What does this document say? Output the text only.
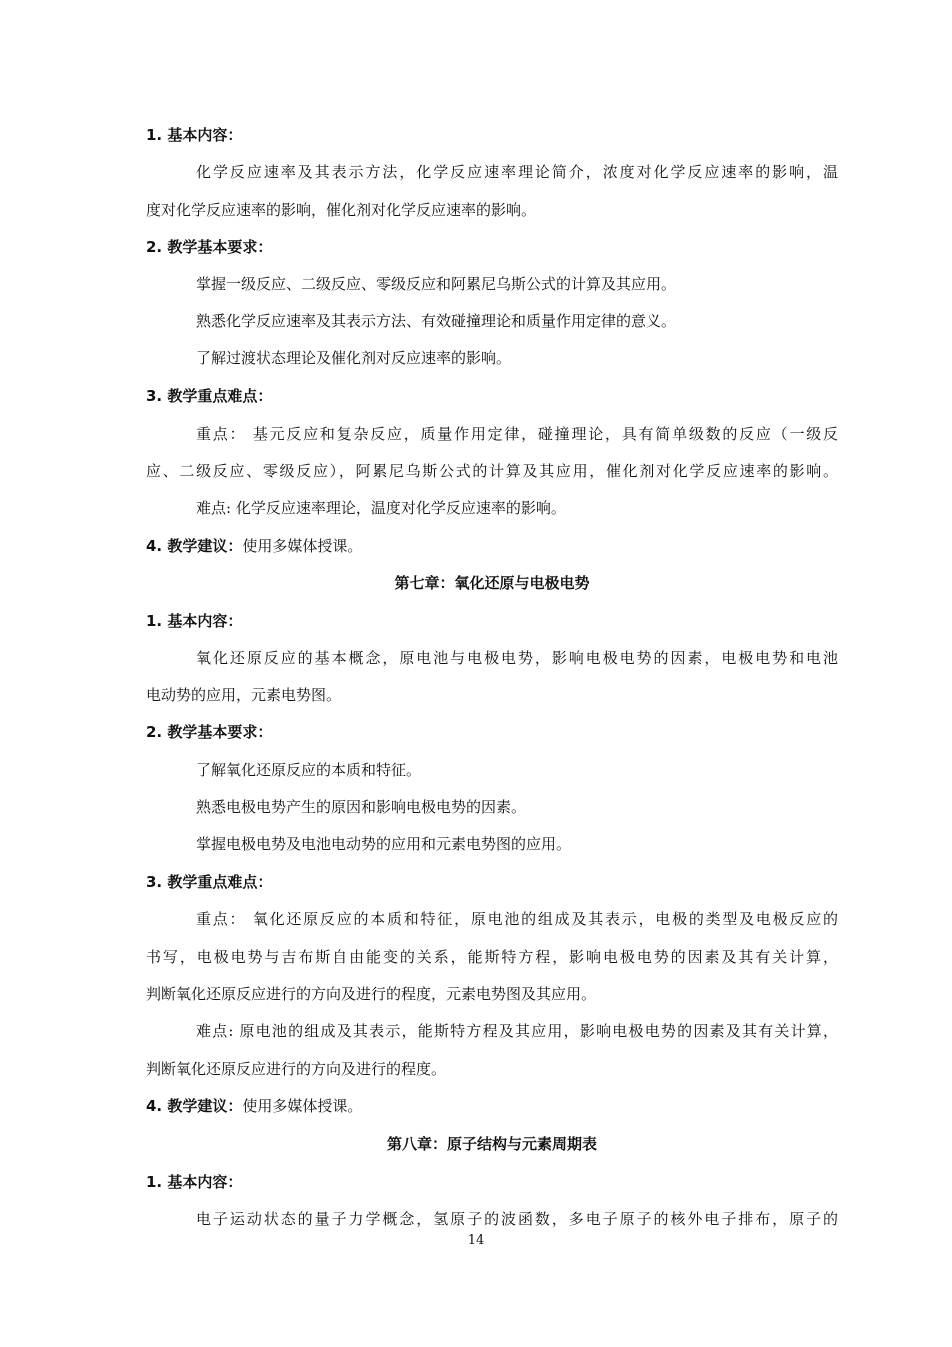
1. 基本内容：
化学反应速率及其表示方法，化学反应速率理论简介，浓度对化学反应速率的影响，温
度对化学反应速率的影响，催化剂对化学反应速率的影响。
2. 教学基本要求：
掌握一级反应、二级反应、零级反应和阿累尼乌斯公式的计算及其应用。
熟悉化学反应速率及其表示方法、有效碰撞理论和质量作用定律的意义。
了解过渡状态理论及催化剂对反应速率的影响。
3. 教学重点难点：
重点： 基元反应和复杂反应，质量作用定律，碰撞理论，具有简单级数的反应（一级反
应、二级反应、零级反应），阿累尼乌斯公式的计算及其应用，催化剂对化学反应速率的影响。
难点: 化学反应速率理论，温度对化学反应速率的影响。
4. 教学建议：使用多媒体授课。
第七章：氧化还原与电极电势
1. 基本内容：
氧化还原反应的基本概念，原电池与电极电势，影响电极电势的因素，电极电势和电池
电动势的应用，元素电势图。
2. 教学基本要求：
了解氧化还原反应的本质和特征。
熟悉电极电势产生的原因和影响电极电势的因素。
掌握电极电势及电池电动势的应用和元素电势图的应用。
3. 教学重点难点：
重点： 氧化还原反应的本质和特征，原电池的组成及其表示，电极的类型及电极反应的
书写，电极电势与吉布斯自由能变的关系，能斯特方程，影响电极电势的因素及其有关计算，
判断氧化还原反应进行的方向及进行的程度，元素电势图及其应用。
难点: 原电池的组成及其表示，能斯特方程及其应用，影响电极电势的因素及其有关计算，
判断氧化还原反应进行的方向及进行的程度。
4. 教学建议：使用多媒体授课。
第八章：原子结构与元素周期表
1. 基本内容：
电子运动状态的量子力学概念，氢原子的波函数，多电子原子的核外电子排布，原子的
14
